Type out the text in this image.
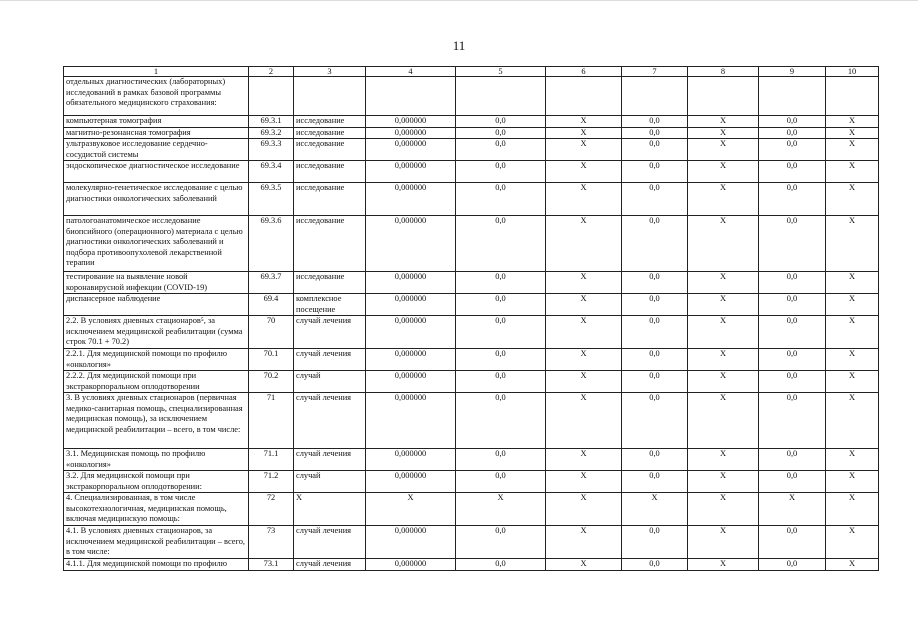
11
1	2	3	4	5	6	7	8	9	10
отдельных диагностических (лабораторных) исследований в рамках базовой программы обязательного медицинского страхования:									
компьютерная томография	69.3.1	исследование	0,000000	0,0	Х	0,0	Х	0,0	Х
магнитно-резонансная томография	69.3.2	исследование	0,000000	0,0	Х	0,0	Х	0,0	Х
ультразвуковое исследование сердечно-сосудистой системы	69.3.3	исследование	0,000000	0,0	Х	0,0	Х	0,0	Х
эндоскопическое диагностическое исследование	69.3.4	исследование	0,000000	0,0	Х	0,0	Х	0,0	Х
молекулярно-генетическое исследование с целью диагностики онкологических заболеваний	69.3.5	исследование	0,000000	0,0	Х	0,0	Х	0,0	Х
патологоанатомическое исследование биопсийного (операционного) материала с целью диагностики онкологических заболеваний и подбора противоопухолевой лекарственной терапии	69.3.6	исследование	0,000000	0,0	Х	0,0	Х	0,0	Х
тестирование на выявление новой коронавирусной инфекции (COVID-19)	69.3.7	исследование	0,000000	0,0	Х	0,0	Х	0,0	Х
диспансерное наблюдение	69.4	комплексное посещение	0,000000	0,0	Х	0,0	Х	0,0	Х
2.2. В условиях дневных стационаров⁵, за исключением медицинской реабилитации (сумма строк 70.1 + 70.2)	70	случай лечения	0,000000	0,0	Х	0,0	Х	0,0	Х
2.2.1. Для медицинской помощи по профилю «онкология»	70.1	случай лечения	0,000000	0,0	Х	0,0	Х	0,0	Х
2.2.2. Для медицинской помощи при экстракорпоральном оплодотворении	70.2	случай	0,000000	0,0	Х	0,0	Х	0,0	Х
3. В условиях дневных стационаров (первичная медико-санитарная помощь, специализированная медицинская помощь), за исключением медицинской реабилитации – всего, в том числе:	71	случай лечения	0,000000	0,0	Х	0,0	Х	0,0	Х
3.1. Медицинская помощь по профилю «онкология»	71.1	случай лечения	0,000000	0,0	Х	0,0	Х	0,0	Х
3.2. Для медицинской помощи при экстракорпоральном оплодотворении:	71.2	случай	0,000000	0,0	Х	0,0	Х	0,0	Х
4. Специализированная, в том числе высокотехнологичная, медицинская помощь, включая медицинскую помощь:	72	Х	Х	Х	Х	Х	Х	Х	Х
4.1. В условиях дневных стационаров, за исключением медицинской реабилитации – всего, в том числе:	73	случай лечения	0,000000	0,0	Х	0,0	Х	0,0	Х
4.1.1. Для медицинской помощи по профилю	73.1	случай лечения	0,000000	0,0	Х	0,0	Х	0,0	Х
